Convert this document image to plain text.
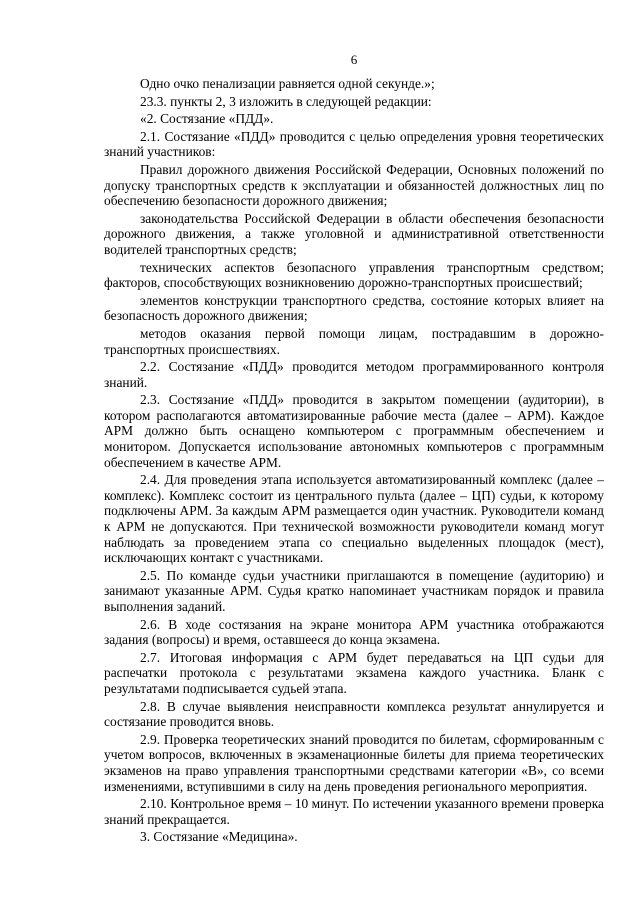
6

Одно очко пенализации равняется одной секунде.»;

23.3. пункты 2, 3 изложить в следующей редакции:

«2. Состязание «ПДД».

2.1. Состязание «ПДД» проводится с целью определения уровня теоретических знаний участников:

Правил дорожного движения Российской Федерации, Основных положений по допуску транспортных средств к эксплуатации и обязанностей должностных лиц по обеспечению безопасности дорожного движения;

законодательства Российской Федерации в области обеспечения безопасности дорожного движения, а также уголовной и административной ответственности водителей транспортных средств;

технических аспектов безопасного управления транспортным средством; факторов, способствующих возникновению дорожно-транспортных происшествий;

элементов конструкции транспортного средства, состояние которых влияет на безопасность дорожного движения;

методов оказания первой помощи лицам, пострадавшим в дорожно-транспортных происшествиях.

2.2. Состязание «ПДД» проводится методом программированного контроля знаний.

2.3. Состязание «ПДД» проводится в закрытом помещении (аудитории), в котором располагаются автоматизированные рабочие места (далее – АРМ). Каждое АРМ должно быть оснащено компьютером с программным обеспечением и монитором. Допускается использование автономных компьютеров с программным обеспечением в качестве АРМ.

2.4. Для проведения этапа используется автоматизированный комплекс (далее – комплекс). Комплекс состоит из центрального пульта (далее – ЦП) судьи, к которому подключены АРМ. За каждым АРМ размещается один участник. Руководители команд к АРМ не допускаются. При технической возможности руководители команд могут наблюдать за проведением этапа со специально выделенных площадок (мест), исключающих контакт с участниками.

2.5. По команде судьи участники приглашаются в помещение (аудиторию) и занимают указанные АРМ. Судья кратко напоминает участникам порядок и правила выполнения заданий.

2.6. В ходе состязания на экране монитора АРМ участника отображаются задания (вопросы) и время, оставшееся до конца экзамена.

2.7. Итоговая информация с АРМ будет передаваться на ЦП судьи для распечатки протокола с результатами экзамена каждого участника. Бланк с результатами подписывается судьей этапа.

2.8. В случае выявления неисправности комплекса результат аннулируется и состязание проводится вновь.

2.9. Проверка теоретических знаний проводится по билетам, сформированным с учетом вопросов, включенных в экзаменационные билеты для приема теоретических экзаменов на право управления транспортными средствами категории «B», со всеми изменениями, вступившими в силу на день проведения регионального мероприятия.

2.10. Контрольное время – 10 минут. По истечении указанного времени проверка знаний прекращается.

3. Состязание «Медицина».
